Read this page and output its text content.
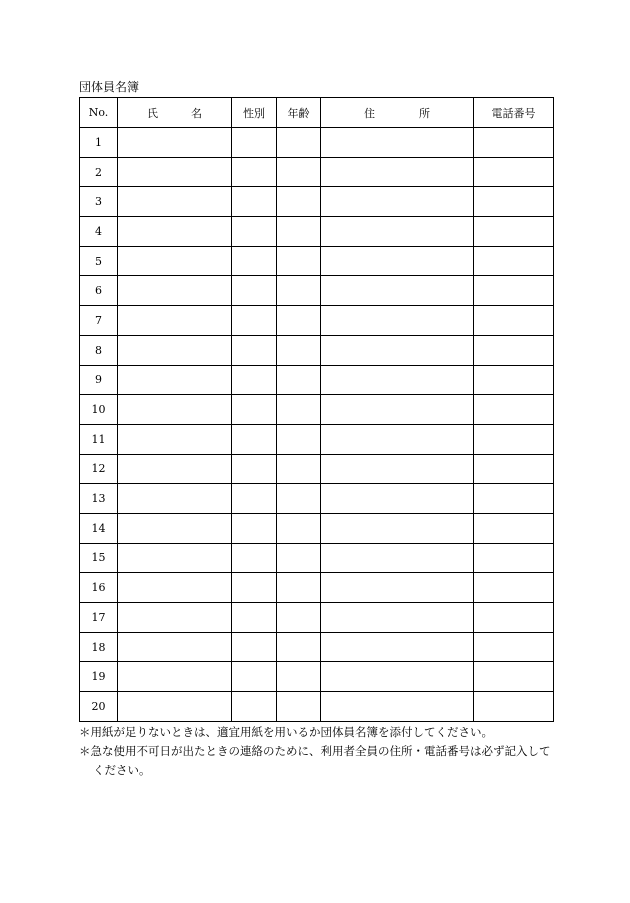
団体員名簿
No.	氏　　　名	性別	年齢	住　　　　所	電話番号
1					
2					
3					
4					
5					
6					
7					
8					
9					
10					
11					
12					
13					
14					
15					
16					
17					
18					
19					
20					
＊用紙が足りないときは、適宜用紙を用いるか団体員名簿を添付してください。
＊急な使用不可日が出たときの連絡のために、利用者全員の住所・電話番号は必ず記入してください。
